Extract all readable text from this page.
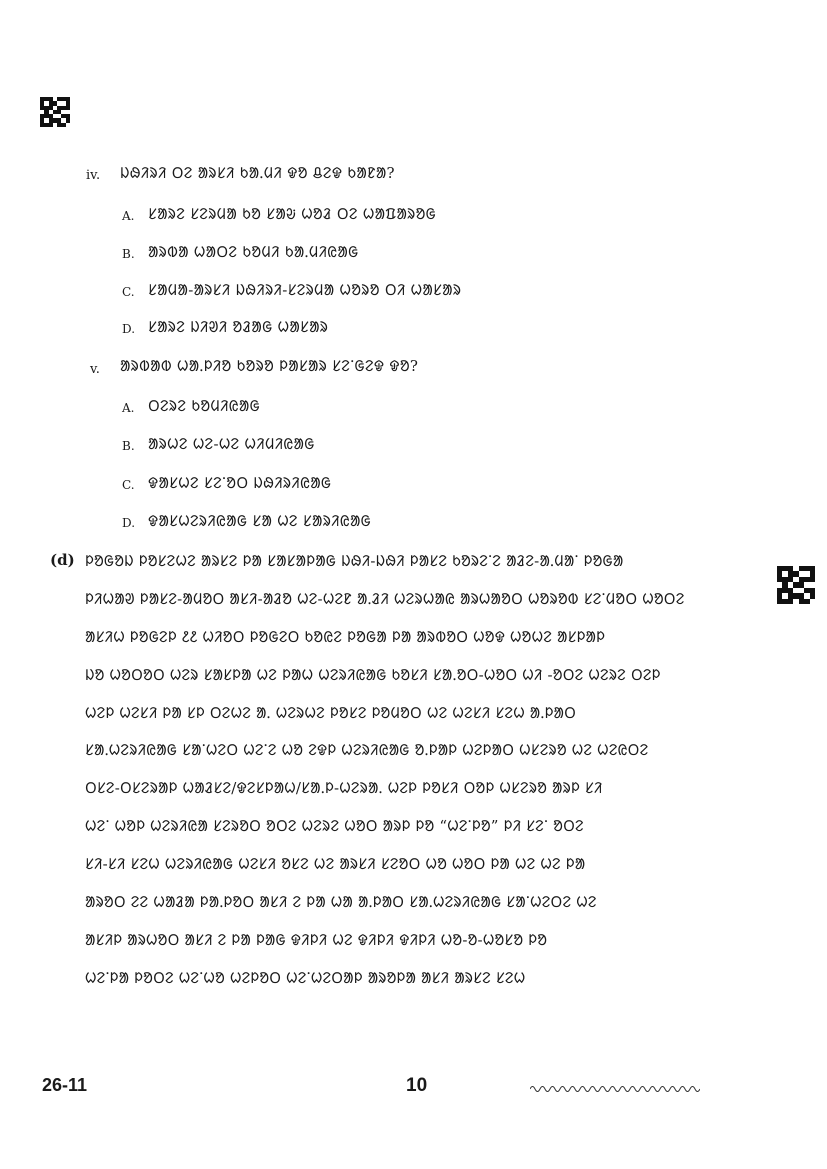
iv. ᱡᱷᱤᱨᱤ ᱛᱮ ᱟᱨᱥᱤ ᱠᱟᱹᱢᱤ ᱫᱚ ᱪᱮᱫ ᱠᱟᱱᱟ?
A. ᱥᱟᱨᱮ ᱥᱮᱨᱢᱟ ᱠᱚ ᱥᱟᱶ ᱦᱚᱲ ᱛᱮ ᱦᱟᱯᱟᱨᱚᱜ
B. ᱟᱨᱵᱟ ᱦᱟᱛᱮ ᱠᱚᱢᱤ ᱠᱟᱹᱢᱤᱭᱟᱜ
C. ᱥᱟᱢᱟ-ᱟᱨᱥᱤ ᱡᱷᱤᱨᱤ-ᱥᱮᱨᱢᱟ ᱦᱚᱨᱚ ᱛᱤ ᱦᱟᱥᱟᱨ
D. ᱥᱟᱨᱮ ᱡᱤᱣᱤ ᱚᱲᱟᱜ ᱦᱟᱥᱟᱨ
v. ᱟᱨᱵᱟᱵ ᱦᱟᱹᱞᱤᱚ ᱠᱚᱨᱚ ᱞᱟᱥᱟᱨ ᱥᱮᱸᱜᱮᱫ ᱫᱚ?
A. ᱛᱮᱨᱮ ᱠᱚᱢᱤᱭᱟᱜ
B. ᱟᱨᱦᱮ ᱦᱮ-ᱦᱮ ᱦᱤᱢᱤᱭᱟᱜ
C. ᱫᱟᱥᱦᱮ ᱥᱮᱸᱚᱛ ᱡᱷᱤᱨᱤᱭᱟᱜ
D. ᱫᱟᱥᱦᱮᱨᱤᱭᱟᱜ ᱥᱟ ᱦᱮ ᱥᱟᱨᱤᱭᱟᱜ
(d) ᱞᱚᱜᱚᱡ ᱞᱚᱥᱮᱦᱮ ᱟᱨᱥᱮ ᱞᱟ ᱥᱟᱥᱟᱞᱟᱜ ᱡᱷᱤ-ᱡᱷᱤ ᱞᱟᱥᱮ ᱠᱚᱨᱮᱸᱮ ᱟᱲᱮ-ᱟᱹᱢᱟᱸ ᱞᱚᱜᱟ
ᱞᱤᱦᱟᱣ ᱞᱟᱥᱮ-ᱟᱢᱚᱛ ᱟᱥᱤ-ᱟᱲᱚ ᱦᱮ-ᱦᱮᱱ ᱟᱹᱲᱤ ᱦᱮᱨᱦᱟᱭ ᱟᱨᱦᱟᱚᱛ ᱦᱚᱨᱚᱵ ᱥᱮᱸᱢᱚᱛ ᱦᱚᱛᱮ
ᱟᱥᱤᱦ ᱞᱚᱜᱮᱞ ᱒᱒ ᱦᱤᱚᱛ ᱞᱚᱜᱮᱛ ᱠᱚᱭᱮ ᱞᱚᱜᱟ ᱞᱟ ᱟᱨᱵᱚᱛ ᱦᱚᱫ ᱦᱚᱦᱮ ᱟᱥᱞᱟᱞ
ᱡᱚ ᱦᱚᱛᱚᱛ ᱦᱮᱨ ᱥᱟᱥᱞᱟ ᱦᱮ ᱞᱟᱦ ᱦᱮᱨᱤᱭᱟᱜ ᱠᱚᱥᱤ ᱥᱟᱹᱚᱛ-ᱦᱚᱛ ᱦᱤ -ᱚᱛᱮ ᱦᱮᱨᱮ ᱛᱮᱞ
ᱦᱮᱞ ᱦᱮᱥᱤ ᱞᱟ ᱥᱞ ᱛᱮᱦᱮ ᱟᱹ ᱦᱮᱨᱦᱮ ᱞᱚᱥᱮ ᱞᱚᱢᱚᱛ ᱦᱮ ᱦᱮᱥᱤ ᱥᱮᱦ ᱟᱹᱞᱟᱛ
ᱥᱟᱹᱦᱮᱨᱤᱭᱟᱜ ᱥᱟᱸᱦᱮᱛ ᱦᱮᱸᱮ ᱦᱚ ᱮᱫᱞ ᱦᱮᱨᱤᱭᱟᱜ ᱚᱹᱞᱟᱞ ᱦᱮᱞᱟᱛ ᱦᱥᱮᱨᱚ ᱦᱮ ᱦᱮᱭᱛᱮ
ᱛᱥᱮ-ᱛᱥᱮᱨᱟᱞ ᱦᱟᱲᱥᱮ/ᱫᱮᱥᱞᱟᱦ/ᱥᱟᱹᱞ-ᱦᱮᱨᱟᱹ ᱦᱮᱞ ᱞᱚᱥᱤ ᱛᱚᱞ ᱦᱥᱮᱨᱚ ᱟᱨᱞ ᱥᱤ
ᱦᱮᱸ ᱦᱚᱞ ᱦᱮᱨᱤᱭᱟ ᱥᱮᱨᱚᱛ ᱚᱛᱮ ᱦᱮᱨᱮ ᱦᱚᱛ ᱟᱨᱞ ᱞᱚ “ᱦᱮᱸᱞᱚ” ᱞᱤ ᱥᱮᱸ ᱚᱛᱮ
ᱥᱤ-ᱥᱤ ᱥᱮᱦ ᱦᱮᱨᱤᱭᱟᱜ ᱦᱮᱥᱤ ᱚᱥᱮ ᱦᱮ ᱟᱨᱥᱤ ᱥᱮᱚᱛ ᱦᱚ ᱦᱚᱛ ᱞᱟ ᱦᱮ ᱦᱮ ᱞᱟ
ᱟᱨᱚᱛ ᱮᱮ ᱦᱟᱲᱟ ᱞᱟᱹᱞᱚᱛ ᱟᱥᱤ ᱮ ᱞᱟ ᱦᱟ ᱟᱹᱞᱟᱛ ᱥᱟᱹᱦᱮᱨᱤᱭᱟᱜ ᱥᱟᱸᱦᱮᱛᱮ ᱦᱮ
ᱟᱥᱤᱞ ᱟᱨᱦᱚᱛ ᱟᱥᱤ ᱮ ᱞᱟ ᱞᱟᱜ ᱫᱤᱞᱤ ᱦᱮ ᱫᱤᱞᱤ ᱫᱤᱞᱤ ᱦᱚ-ᱚ-ᱦᱚᱥᱚ ᱞᱚ
ᱦᱮᱸᱞᱟ ᱞᱚᱛᱮ ᱦᱮᱸᱦᱚ ᱦᱮᱞᱚᱛ ᱦᱮᱸᱦᱮᱛᱟᱞ ᱟᱨᱚᱞᱟ ᱟᱥᱤ ᱟᱨᱥᱮ ᱥᱮᱦ
26-11	10
